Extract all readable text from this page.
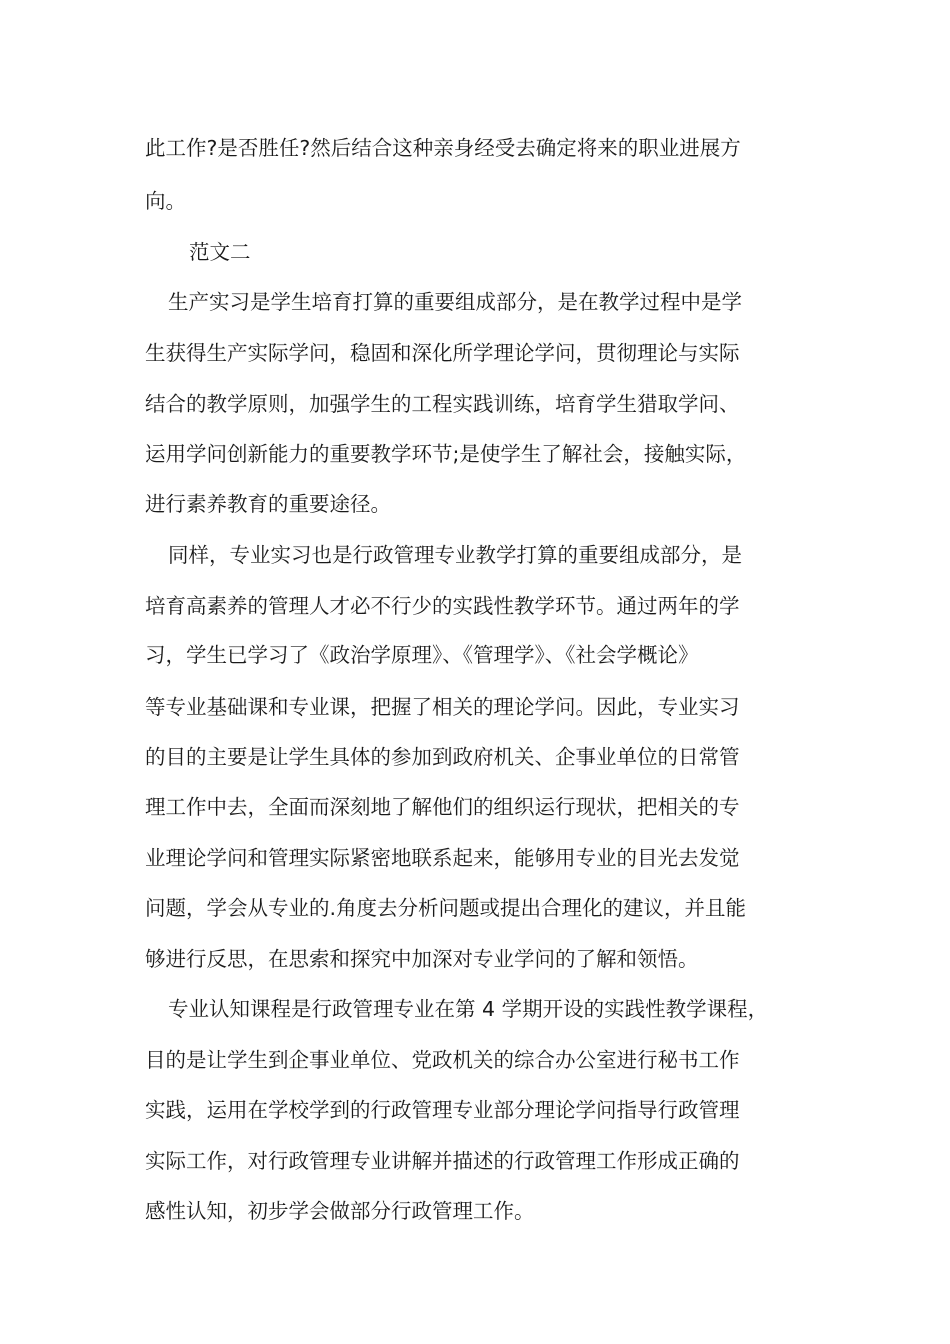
此工作?是否胜任?然后结合这种亲身经受去确定将来的职业进展方

向。

范文二

生产实习是学生培育打算的重要组成部分，是在教学过程中是学

生获得生产实际学问，稳固和深化所学理论学问，贯彻理论与实际

结合的教学原则，加强学生的工程实践训练，培育学生猎取学问、

运用学问创新能力的重要教学环节;是使学生了解社会，接触实际，

进行素养教育的重要途径。

同样，专业实习也是行政管理专业教学打算的重要组成部分，是

培育高素养的管理人才必不行少的实践性教学环节。通过两年的学

习，学生已学习了《政治学原理》、《管理学》、《社会学概论》

等专业基础课和专业课，把握了相关的理论学问。因此，专业实习

的目的主要是让学生具体的参加到政府机关、企事业单位的日常管

理工作中去，全面而深刻地了解他们的组织运行现状，把相关的专

业理论学问和管理实际紧密地联系起来，能够用专业的目光去发觉

问题，学会从专业的.角度去分析问题或提出合理化的建议，并且能

够进行反思，在思索和探究中加深对专业学问的了解和领悟。

专业认知课程是行政管理专业在第 4 学期开设的实践性教学课程，

目的是让学生到企事业单位、党政机关的综合办公室进行秘书工作

实践，运用在学校学到的行政管理专业部分理论学问指导行政管理

实际工作，对行政管理专业讲解并描述的行政管理工作形成正确的

感性认知，初步学会做部分行政管理工作。
